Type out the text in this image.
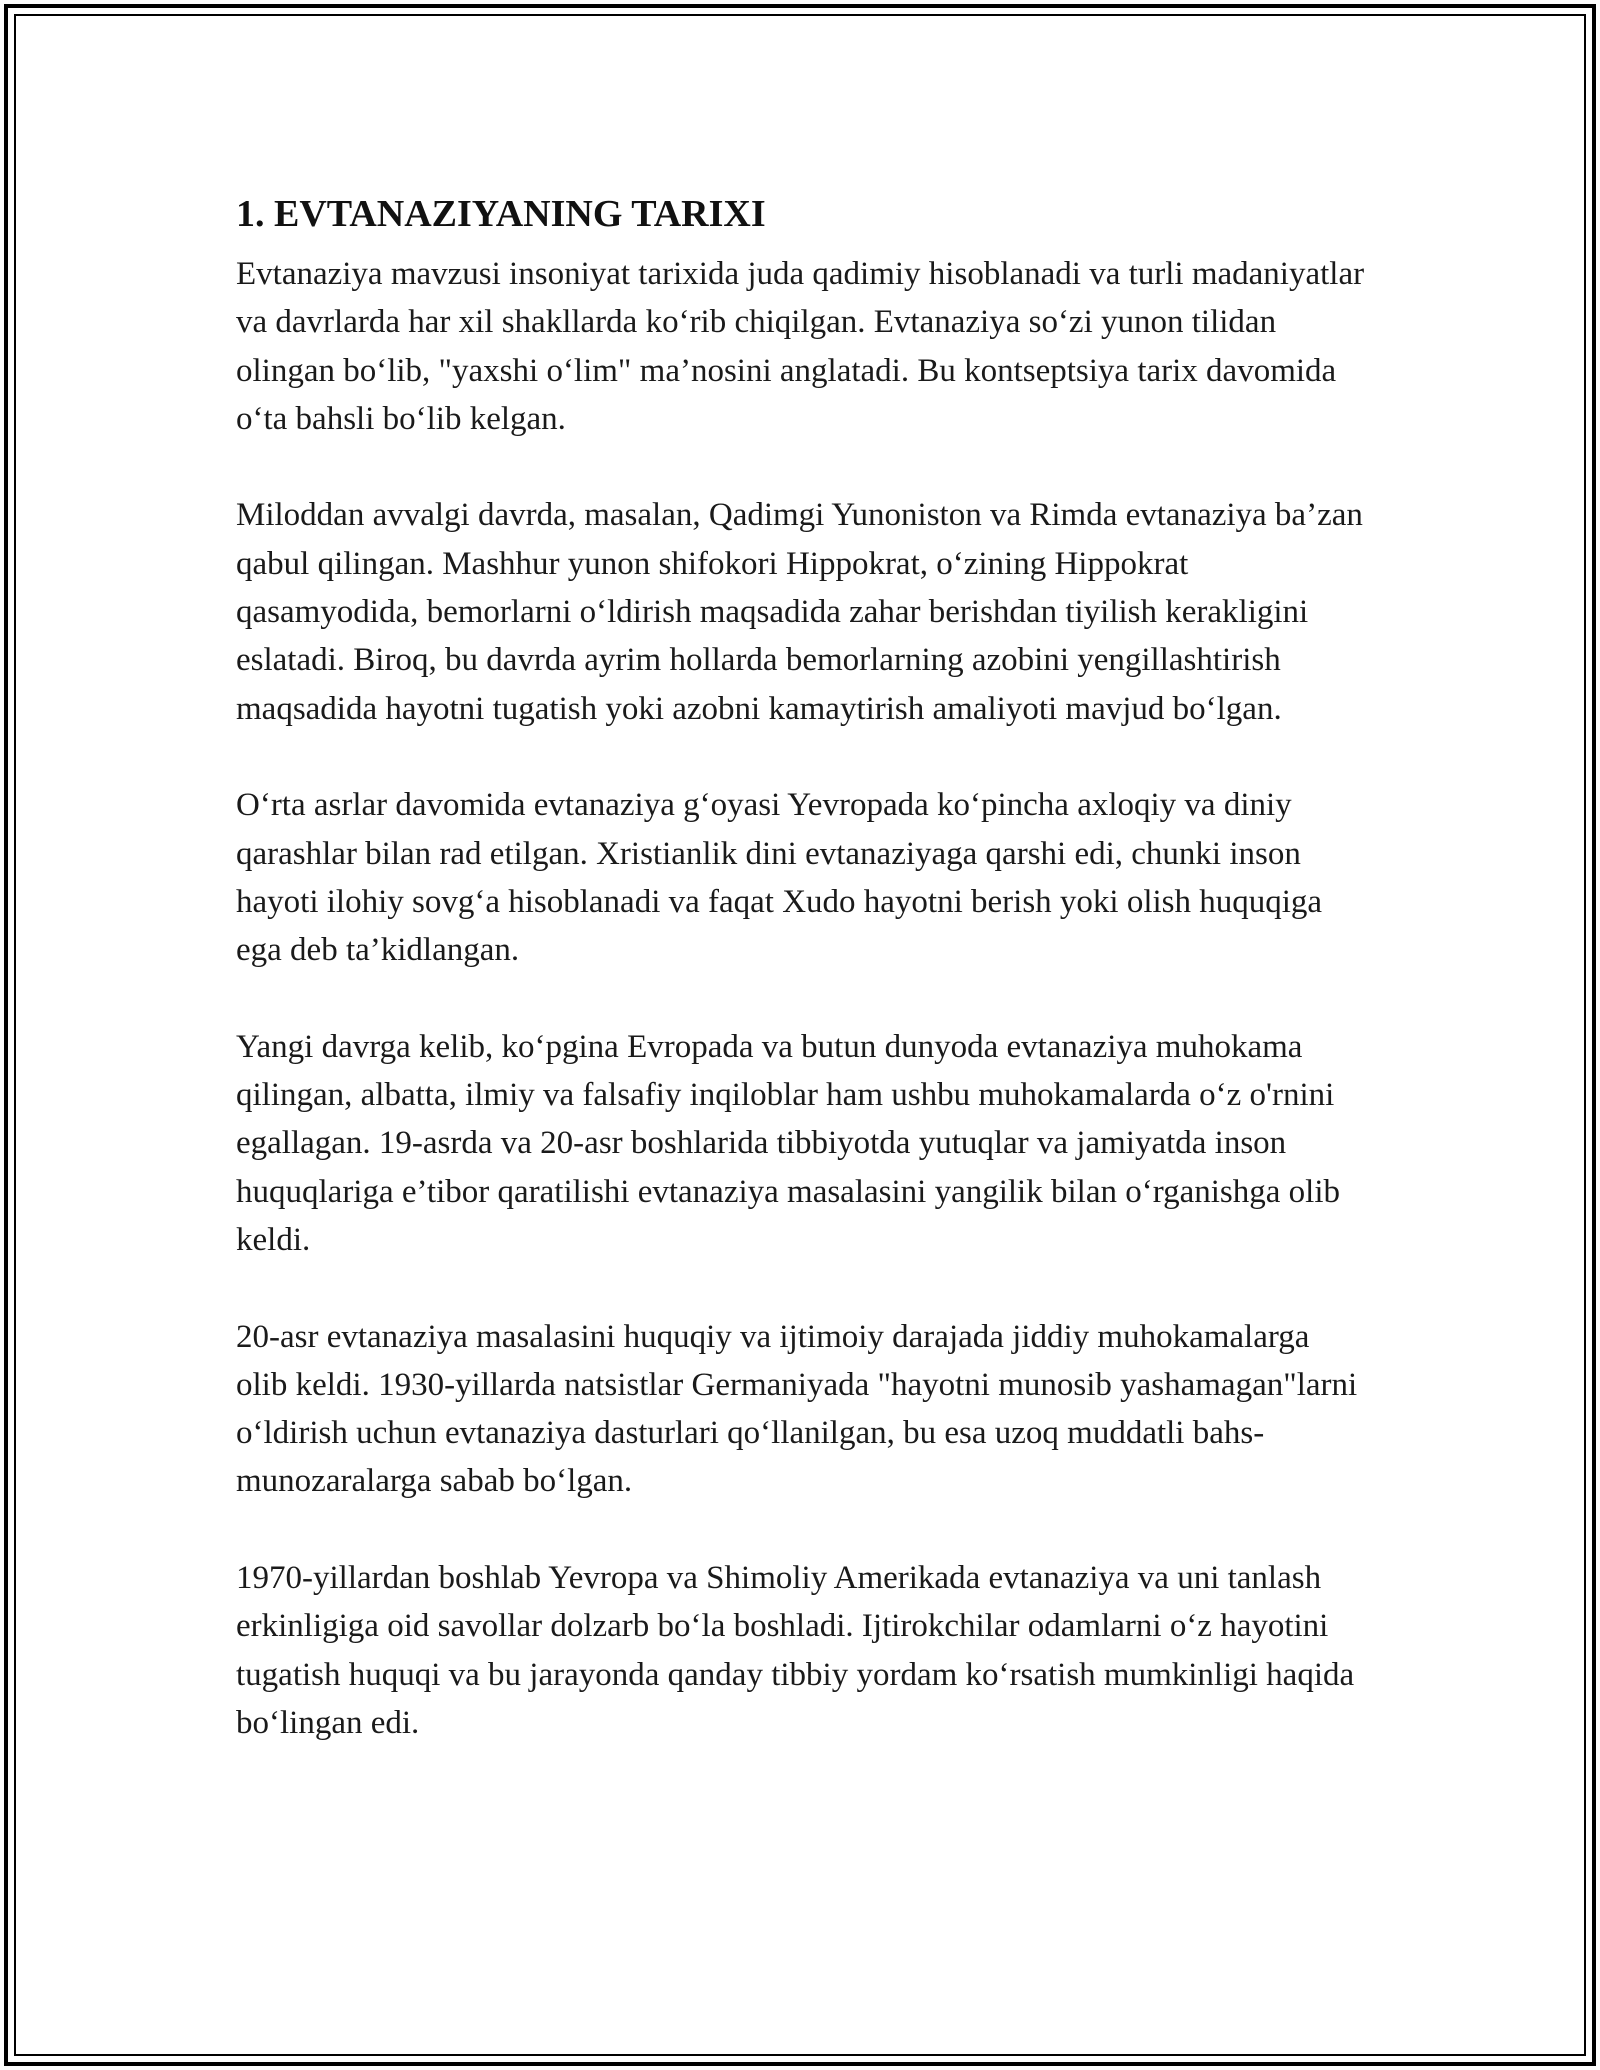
1. EVTANAZIYANING TARIXI

Evtanaziya mavzusi insoniyat tarixida juda qadimiy hisoblanadi va turli madaniyatlar va davrlarda har xil shakllarda ko‘rib chiqilgan. Evtanaziya so‘zi yunon tilidan olingan bo‘lib, "yaxshi o‘lim" ma’nosini anglatadi. Bu kontseptsiya tarix davomida o‘ta bahsli bo‘lib kelgan.

Miloddan avvalgi davrda, masalan, Qadimgi Yunoniston va Rimda evtanaziya ba’zan qabul qilingan. Mashhur yunon shifokori Hippokrat, o‘zining Hippokrat qasamyodida, bemorlarni o‘ldirish maqsadida zahar berishdan tiyilish kerakligini eslatadi. Biroq, bu davrda ayrim hollarda bemorlarning azobini yengillashtirish maqsadida hayotni tugatish yoki azobni kamaytirish amaliyoti mavjud bo‘lgan.

O‘rta asrlar davomida evtanaziya g‘oyasi Yevropada ko‘pincha axloqiy va diniy qarashlar bilan rad etilgan. Xristianlik dini evtanaziyaga qarshi edi, chunki inson hayoti ilohiy sovg‘a hisoblanadi va faqat Xudo hayotni berish yoki olish huquqiga ega deb ta’kidlangan.

Yangi davrga kelib, ko‘pgina Evropada va butun dunyoda evtanaziya muhokama qilingan, albatta, ilmiy va falsafiy inqiloblar ham ushbu muhokamalarda o‘z o'rnini egallagan. 19-asrda va 20-asr boshlarida tibbiyotda yutuqlar va jamiyatda inson huquqlariga e’tibor qaratilishi evtanaziya masalasini yangilik bilan o‘rganishga olib keldi.

20-asr evtanaziya masalasini huquqiy va ijtimoiy darajada jiddiy muhokamalarga olib keldi. 1930-yillarda natsistlar Germaniyada "hayotni munosib yashamagan"larni o‘ldirish uchun evtanaziya dasturlari qo‘llanilgan, bu esa uzoq muddatli bahs-munozaralarga sabab bo‘lgan.

1970-yillardan boshlab Yevropa va Shimoliy Amerikada evtanaziya va uni tanlash erkinligiga oid savollar dolzarb bo‘la boshladi. Ijtirokchilar odamlarni o‘z hayotini tugatish huquqi va bu jarayonda qanday tibbiy yordam ko‘rsatish mumkinligi haqida bo‘lingan edi.
